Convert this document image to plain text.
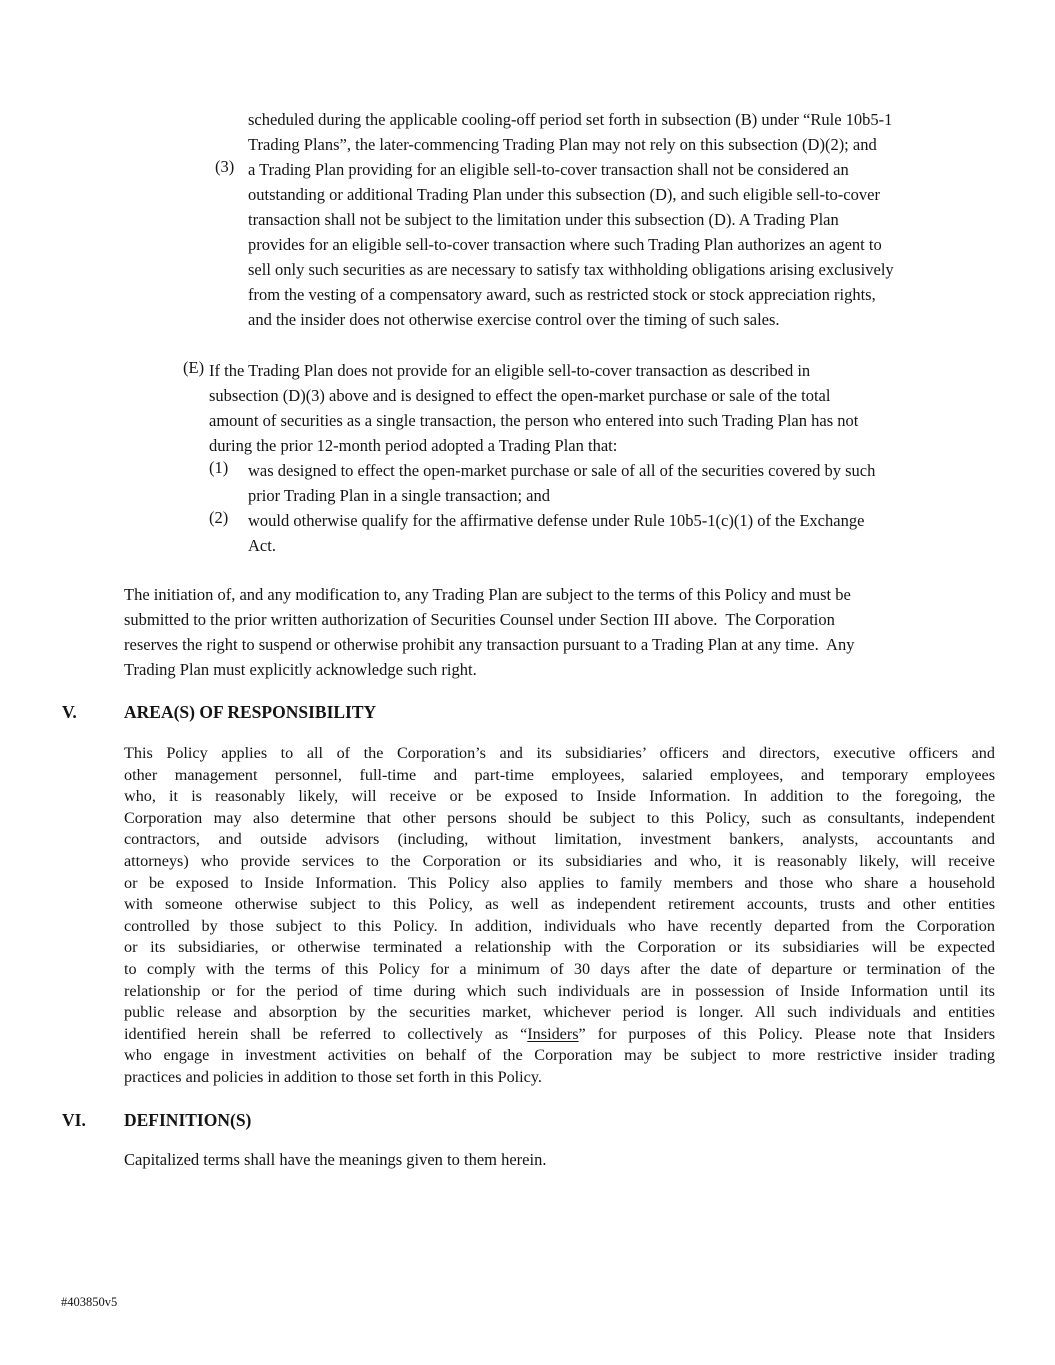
scheduled during the applicable cooling-off period set forth in subsection (B) under “Rule 10b5-1
Trading Plans”, the later-commencing Trading Plan may not rely on this subsection (D)(2); and
(3) a Trading Plan providing for an eligible sell-to-cover transaction shall not be considered an
outstanding or additional Trading Plan under this subsection (D), and such eligible sell-to-cover
transaction shall not be subject to the limitation under this subsection (D). A Trading Plan
provides for an eligible sell-to-cover transaction where such Trading Plan authorizes an agent to
sell only such securities as are necessary to satisfy tax withholding obligations arising exclusively
from the vesting of a compensatory award, such as restricted stock or stock appreciation rights,
and the insider does not otherwise exercise control over the timing of such sales.
(E) If the Trading Plan does not provide for an eligible sell-to-cover transaction as described in
subsection (D)(3) above and is designed to effect the open-market purchase or sale of the total
amount of securities as a single transaction, the person who entered into such Trading Plan has not
during the prior 12-month period adopted a Trading Plan that:
(1) was designed to effect the open-market purchase or sale of all of the securities covered by such
prior Trading Plan in a single transaction; and
(2) would otherwise qualify for the affirmative defense under Rule 10b5-1(c)(1) of the Exchange
Act.
The initiation of, and any modification to, any Trading Plan are subject to the terms of this Policy and must be
submitted to the prior written authorization of Securities Counsel under Section III above.  The Corporation
reserves the right to suspend or otherwise prohibit any transaction pursuant to a Trading Plan at any time.  Any
Trading Plan must explicitly acknowledge such right.
V.	AREA(S) OF RESPONSIBILITY
This Policy applies to all of the Corporation’s and its subsidiaries’ officers and directors, executive officers and
other management personnel, full-time and part-time employees, salaried employees, and temporary employees
who, it is reasonably likely, will receive or be exposed to Inside Information. In addition to the foregoing, the
Corporation may also determine that other persons should be subject to this Policy, such as consultants, independent
contractors, and outside advisors (including, without limitation, investment bankers, analysts, accountants and
attorneys) who provide services to the Corporation or its subsidiaries and who, it is reasonably likely, will receive
or be exposed to Inside Information. This Policy also applies to family members and those who share a household
with someone otherwise subject to this Policy, as well as independent retirement accounts, trusts and other entities
controlled by those subject to this Policy. In addition, individuals who have recently departed from the Corporation
or its subsidiaries, or otherwise terminated a relationship with the Corporation or its subsidiaries will be expected
to comply with the terms of this Policy for a minimum of 30 days after the date of departure or termination of the
relationship or for the period of time during which such individuals are in possession of Inside Information until its
public release and absorption by the securities market, whichever period is longer. All such individuals and entities
identified herein shall be referred to collectively as “Insiders” for purposes of this Policy. Please note that Insiders
who engage in investment activities on behalf of the Corporation may be subject to more restrictive insider trading
practices and policies in addition to those set forth in this Policy.
VI.	DEFINITION(S)
Capitalized terms shall have the meanings given to them herein.
#403850v5
